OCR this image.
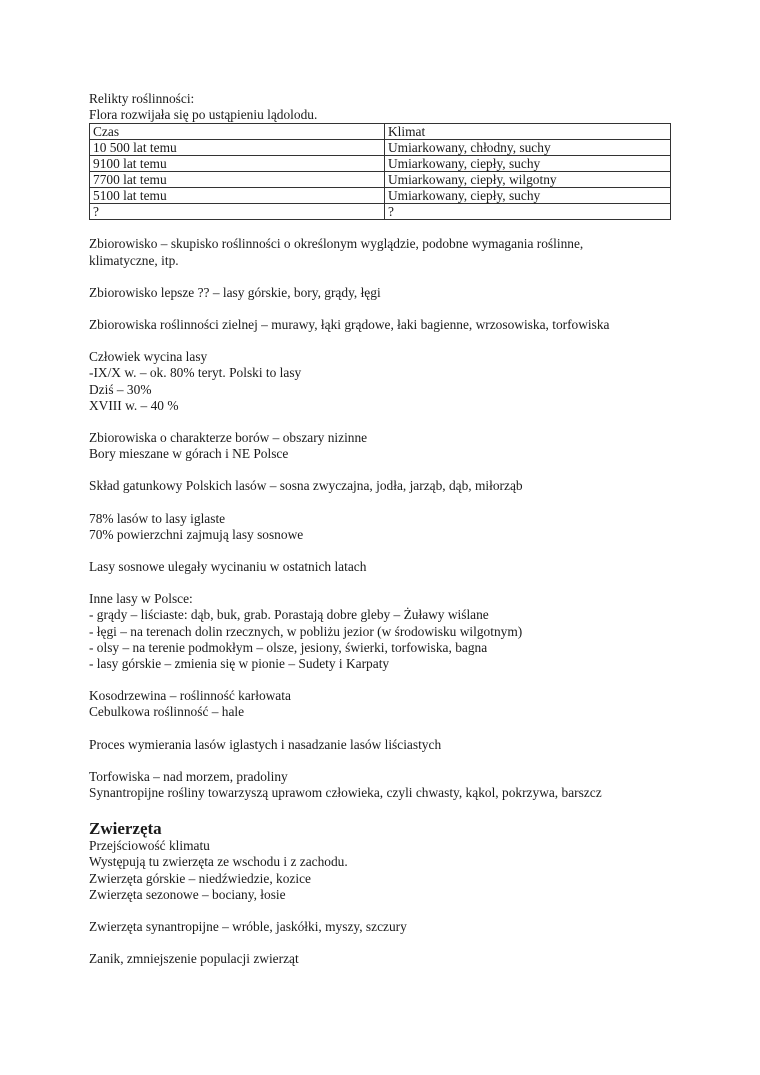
Relikty roślinności:
Flora rozwijała się po ustąpieniu lądolodu.
Czas	Klimat
10 500 lat temu	Umiarkowany, chłodny, suchy
9100 lat temu	Umiarkowany, ciepły, suchy
7700 lat temu	Umiarkowany, ciepły, wilgotny
5100 lat temu	Umiarkowany, ciepły, suchy
?	?
Zbiorowisko – skupisko roślinności o określonym wyglądzie, podobne wymagania roślinne,
klimatyczne, itp.
Zbiorowisko lepsze ?? – lasy górskie, bory, grądy, łęgi
Zbiorowiska roślinności zielnej – murawy, łąki grądowe, łaki bagienne, wrzosowiska, torfowiska
Człowiek wycina lasy
-IX/X w. – ok. 80% teryt. Polski to lasy
Dziś – 30%
XVIII w. – 40 %
Zbiorowiska o charakterze borów – obszary nizinne
Bory mieszane w górach i NE Polsce
Skład gatunkowy Polskich lasów – sosna zwyczajna, jodła, jarząb, dąb, miłorząb
78% lasów to lasy iglaste
70% powierzchni zajmują lasy sosnowe
Lasy sosnowe ulegały wycinaniu w ostatnich latach
Inne lasy w Polsce:
- grądy – liściaste: dąb, buk, grab. Porastają dobre gleby – Żuławy wiślane
- łęgi – na terenach dolin rzecznych, w pobliżu jezior (w środowisku wilgotnym)
- olsy – na terenie podmokłym – olsze, jesiony, świerki, torfowiska, bagna
- lasy górskie – zmienia się w pionie – Sudety i Karpaty
Kosodrzewina – roślinność karłowata
Cebulkowa roślinność – hale
Proces wymierania lasów iglastych i nasadzanie lasów liściastych
Torfowiska – nad morzem, pradoliny
Synantropijne rośliny towarzyszą uprawom człowieka, czyli chwasty, kąkol, pokrzywa, barszcz
Zwierzęta
Przejściowość klimatu
Występują tu zwierzęta ze wschodu i z zachodu.
Zwierzęta górskie – niedźwiedzie, kozice
Zwierzęta sezonowe – bociany, łosie
Zwierzęta synantropijne – wróble, jaskółki, myszy, szczury
Zanik, zmniejszenie populacji zwierząt
